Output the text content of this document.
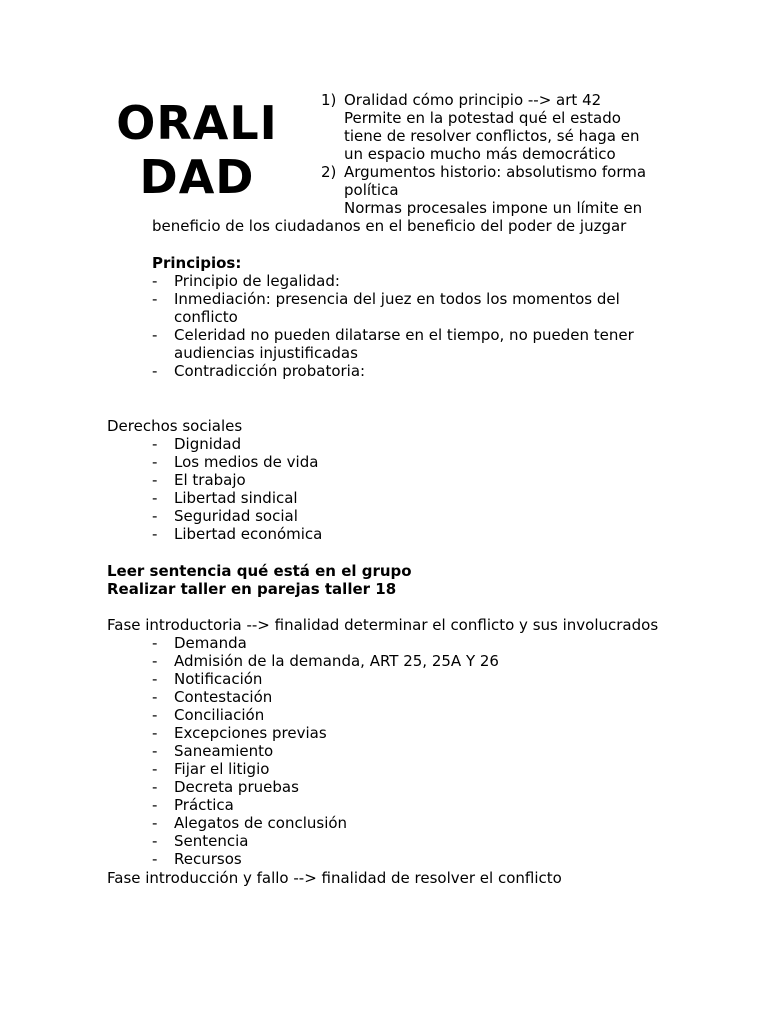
ORALI
DAD
1) Oralidad cómo principio --> art 42
Permite en la potestad qué el estado
tiene de resolver conflictos, sé haga en
un espacio mucho más democrático
2) Argumentos historio: absolutismo forma
política
Normas procesales impone un límite en
beneficio de los ciudadanos en el beneficio del poder de juzgar
Principios:
- Principio de legalidad:
- Inmediación: presencia del juez en todos los momentos del
conflicto
- Celeridad no pueden dilatarse en el tiempo, no pueden tener
audiencias injustificadas
- Contradicción probatoria:
Derechos sociales
- Dignidad
- Los medios de vida
- El trabajo
- Libertad sindical
- Seguridad social
- Libertad económica
Leer sentencia qué está en el grupo
Realizar taller en parejas taller 18
Fase introductoria --> finalidad determinar el conflicto y sus involucrados
- Demanda
- Admisión de la demanda, ART 25, 25A Y 26
- Notificación
- Contestación
- Conciliación
- Excepciones previas
- Saneamiento
- Fijar el litigio
- Decreta pruebas
- Práctica
- Alegatos de conclusión
- Sentencia
- Recursos
Fase introducción y fallo --> finalidad de resolver el conflicto
